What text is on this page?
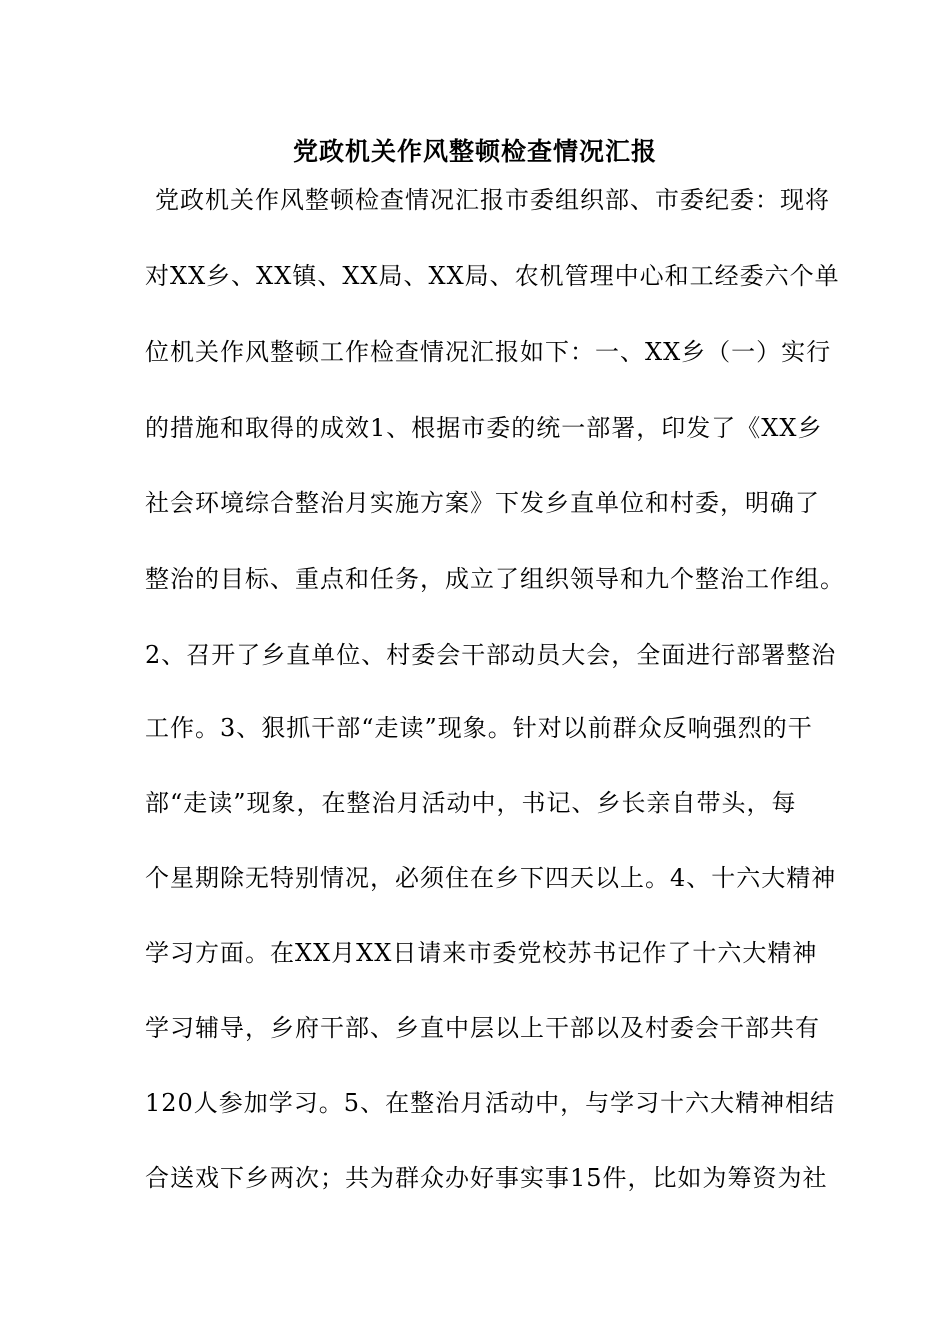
党政机关作风整顿检查情况汇报
党政机关作风整顿检查情况汇报市委组织部、市委纪委：现将
对XX乡、XX镇、XX局、XX局、农机管理中心和工经委六个单
位机关作风整顿工作检查情况汇报如下：一、XX乡（一）实行
的措施和取得的成效1、根据市委的统一部署，印发了《XX乡
社会环境综合整治月实施方案》下发乡直单位和村委，明确了
整治的目标、重点和任务，成立了组织领导和九个整治工作组。
2、召开了乡直单位、村委会干部动员大会，全面进行部署整治
工作。3、狠抓干部“走读”现象。针对以前群众反响强烈的干
部“走读”现象，在整治月活动中，书记、乡长亲自带头，每
个星期除无特别情况，必须住在乡下四天以上。4、十六大精神
学习方面。在XX月XX日请来市委党校苏书记作了十六大精神
学习辅导，乡府干部、乡直中层以上干部以及村委会干部共有
120人参加学习。5、在整治月活动中，与学习十六大精神相结
合送戏下乡两次；共为群众办好事实事15件，比如为筹资为社
